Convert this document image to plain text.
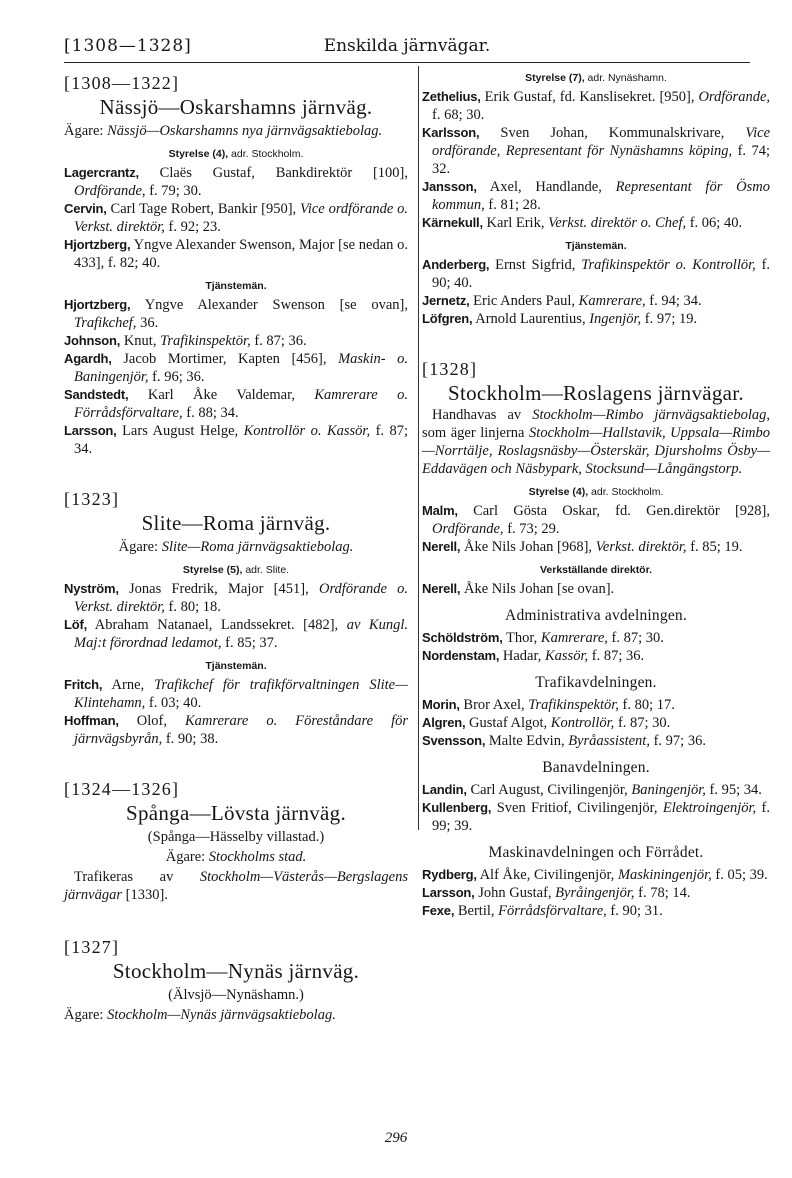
[1308—1328]	Enskilda järnvägar.
[1308—1322]
Nässjö—Oskarshamns järnväg.

Ägare: Nässjö—Oskarshamns nya järnvägsaktiebolag.

Styrelse (4), adr. Stockholm.

Lagercrantz, Claës Gustaf, Bankdirektör [100], Ordförande, f. 79; 30.

Cervin, Carl Tage Robert, Bankir [950], Vice ordförande o. Verkst. direktör, f. 92; 23.

Hjortzberg, Yngve Alexander Swenson, Major [se nedan o. 433], f. 82; 40.

Tjänstemän.

Hjortzberg, Yngve Alexander Swenson [se ovan], Trafikchef, 36.

Johnson, Knut, Trafikinspektör, f. 87; 36.

Agardh, Jacob Mortimer, Kapten [456], Maskin- o. Baningenjör, f. 96; 36.

Sandstedt, Karl Åke Valdemar, Kamrerare o. Förrådsförvaltare, f. 88; 34.

Larsson, Lars August Helge, Kontrollör o. Kassör, f. 87; 34.

[1323]
Slite—Roma järnväg.

Ägare: Slite—Roma järnvägsaktiebolag.

Styrelse (5), adr. Slite.

Nyström, Jonas Fredrik, Major [451], Ordförande o. Verkst. direktör, f. 80; 18.

Löf, Abraham Natanael, Landssekret. [482], av Kungl. Maj:t förordnad ledamot, f. 85; 37.

Tjänstemän.

Fritch, Arne, Trafikchef för trafikförvaltningen Slite—Klintehamn, f. 03; 40.

Hoffman, Olof, Kamrerare o. Föreståndare för järnvägsbyrån, f. 90; 38.

[1324—1326]
Spånga—Lövsta järnväg.
(Spånga—Hässelby villastad.)

Ägare: Stockholms stad.

Trafikeras av Stockholm—Västerås—Bergslagens järnvägar [1330].

[1327]
Stockholm—Nynäs järnväg.
(Älvsjö—Nynäshamn.)

Ägare: Stockholm—Nynäs järnvägsaktiebolag.

Styrelse (7), adr. Nynäshamn.

Zethelius, Erik Gustaf, fd. Kanslisekret. [950], Ordförande, f. 68; 30.

Karlsson, Sven Johan, Kommunalskrivare, Vice ordförande, Representant för Nynäshamns köping, f. 74; 32.

Jansson, Axel, Handlande, Representant för Ösmo kommun, f. 81; 28.

Kärnekull, Karl Erik, Verkst. direktör o. Chef, f. 06; 40.

Tjänstemän.

Anderberg, Ernst Sigfrid, Trafikinspektör o. Kontrollör, f. 90; 40.

Jernetz, Eric Anders Paul, Kamrerare, f. 94; 34.

Löfgren, Arnold Laurentius, Ingenjör, f. 97; 19.

[1328]
Stockholm—Roslagens järnvägar.

Handhavas av Stockholm—Rimbo järnvägsaktiebolag, som äger linjerna Stockholm—Hallstavik, Uppsala—Rimbo—Norrtälje, Roslagsnäsby—Österskär, Djursholms Ösby—Eddavägen och Näsbypark, Stocksund—Långängstorp.

Styrelse (4), adr. Stockholm.

Malm, Carl Gösta Oskar, fd. Gen.direktör [928], Ordförande, f. 73; 29.

Nerell, Åke Nils Johan [968], Verkst. direktör, f. 85; 19.

Verkställande direktör.

Nerell, Åke Nils Johan [se ovan].

Administrativa avdelningen.

Schöldström, Thor, Kamrerare, f. 87; 30.

Nordenstam, Hadar, Kassör, f. 87; 36.

Trafikavdelningen.

Morin, Bror Axel, Trafikinspektör, f. 80; 17.

Algren, Gustaf Algot, Kontrollör, f. 87; 30.

Svensson, Malte Edvin, Byråassistent, f. 97; 36.

Banavdelningen.

Landin, Carl August, Civilingenjör, Baningenjör, f. 95; 34.

Kullenberg, Sven Fritiof, Civilingenjör, Elektroingenjör, f. 99; 39.

Maskinavdelningen och Förrådet.

Rydberg, Alf Åke, Civilingenjör, Maskiningenjör, f. 05; 39.

Larsson, John Gustaf, Byråingenjör, f. 78; 14.

Fexe, Bertil, Förrådsförvaltare, f. 90; 31.

296
